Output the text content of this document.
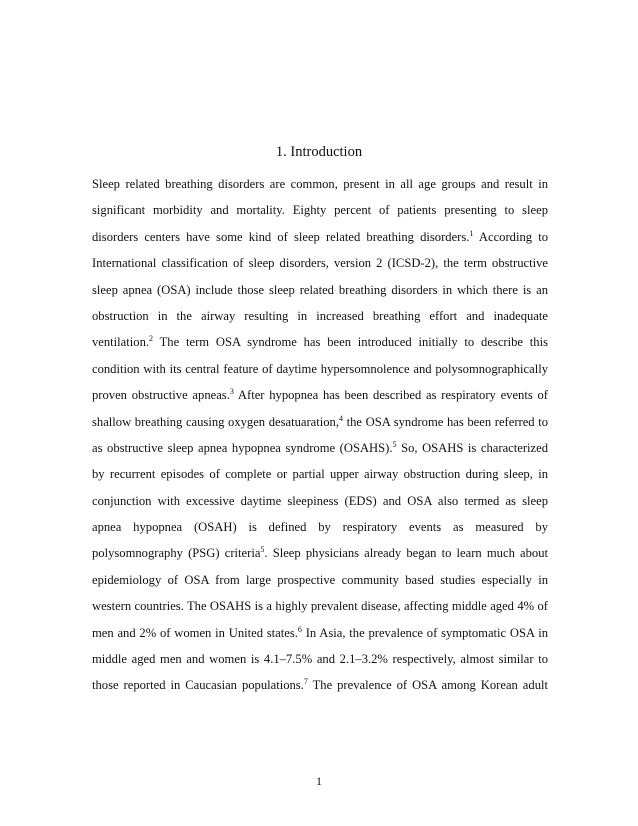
1. Introduction
Sleep related breathing disorders are common, present in all age groups and result in
significant morbidity and mortality. Eighty percent of patients presenting to sleep
disorders centers have some kind of sleep related breathing disorders.$^1$ According to
International classification of sleep disorders, version 2 (ICSD-2), the term obstructive
sleep apnea (OSA) include those sleep related breathing disorders in which there is an
obstruction in the airway resulting in increased breathing effort and inadequate
ventilation.$^2$ The term OSA syndrome has been introduced initially to describe this
condition with its central feature of daytime hypersomnolence and polysomnographically
proven obstructive apneas.$^3$ After hypopnea has been described as respiratory events of
shallow breathing causing oxygen desatuaration,$^4$ the OSA syndrome has been referred to
as obstructive sleep apnea hypopnea syndrome (OSAHS).$^5$ So, OSAHS is characterized
by recurrent episodes of complete or partial upper airway obstruction during sleep, in
conjunction with excessive daytime sleepiness (EDS) and OSA also termed as sleep
apnea hypopnea (OSAH) is defined by respiratory events as measured by
polysomnography (PSG) criteria$^5$. Sleep physicians already began to learn much about
epidemiology of OSA from large prospective community based studies especially in
western countries. The OSAHS is a highly prevalent disease, affecting middle aged 4% of
men and 2% of women in United states.$^6$ In Asia, the prevalence of symptomatic OSA in
middle aged men and women is 4.1–7.5% and 2.1–3.2% respectively, almost similar to
those reported in Caucasian populations.$^7$ The prevalence of OSA among Korean adult
1
